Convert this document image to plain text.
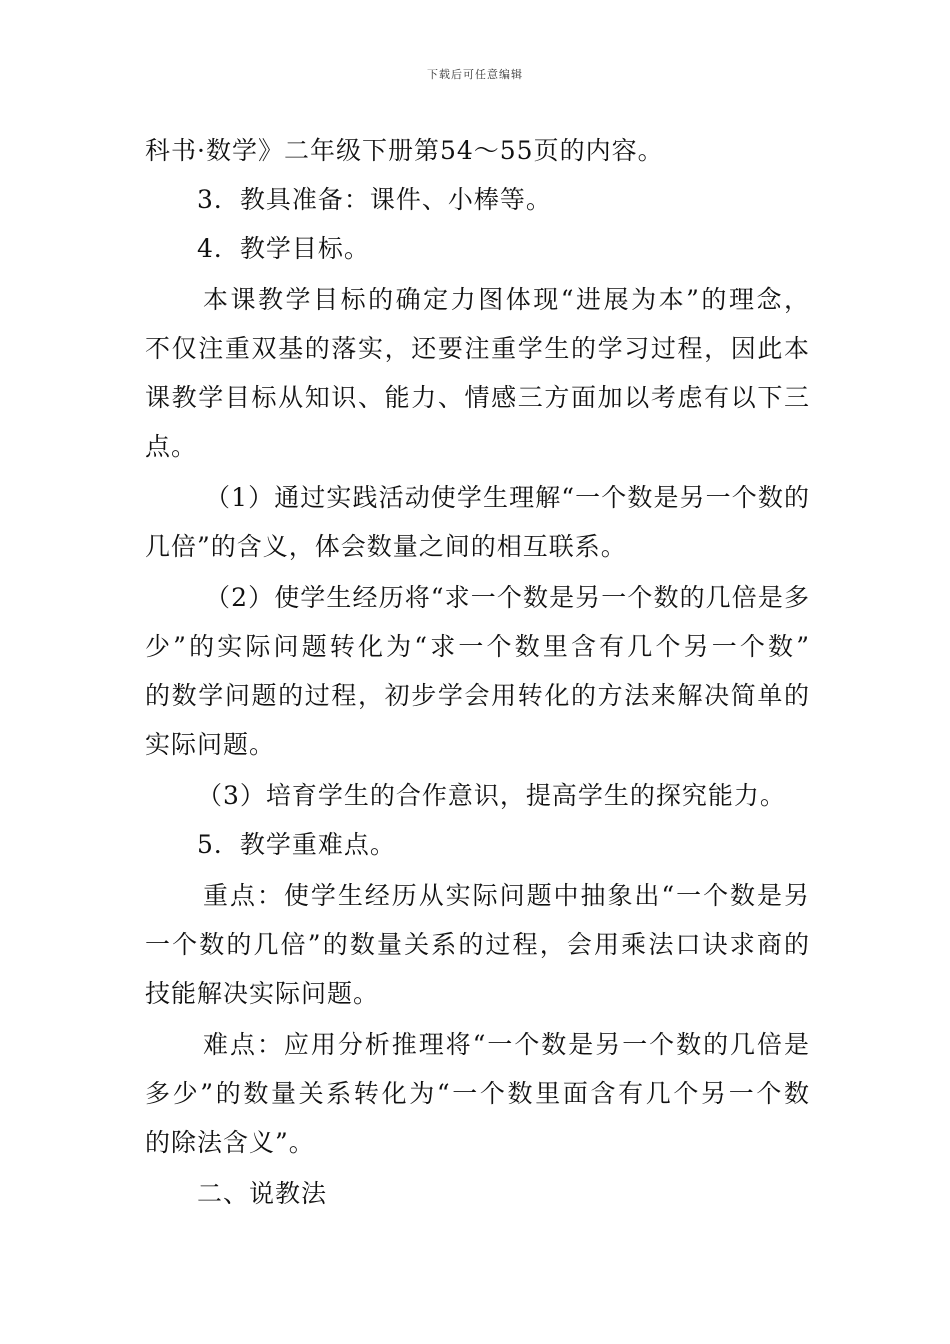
下载后可任意编辑
科书·数学》二年级下册第54～55页的内容。
3．教具准备：课件、小棒等。
4．教学目标。
本课教学目标的确定力图体现“进展为本”的理念，
不仅注重双基的落实，还要注重学生的学习过程，因此本
课教学目标从知识、能力、情感三方面加以考虑有以下三
点。
（1）通过实践活动使学生理解“一个数是另一个数的
几倍”的含义，体会数量之间的相互联系。
（2）使学生经历将“求一个数是另一个数的几倍是多
少”的实际问题转化为“求一个数里含有几个另一个数”
的数学问题的过程，初步学会用转化的方法来解决简单的
实际问题。
（3）培育学生的合作意识，提高学生的探究能力。
5．教学重难点。
重点：使学生经历从实际问题中抽象出“一个数是另
一个数的几倍”的数量关系的过程，会用乘法口诀求商的
技能解决实际问题。
难点：应用分析推理将“一个数是另一个数的几倍是
多少”的数量关系转化为“一个数里面含有几个另一个数
的除法含义”。
二、说教法
